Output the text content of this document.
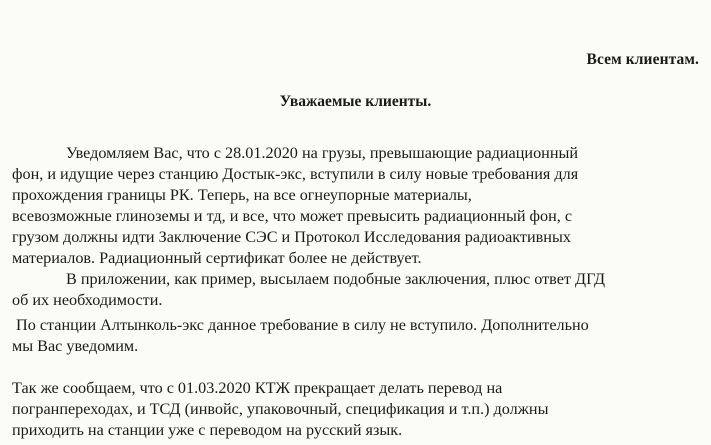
Всем клиентам.
Уважаемые клиенты.
Уведомляем Вас, что с 28.01.2020 на грузы, превышающие радиационный
фон, и идущие через станцию Достык-экс, вступили в силу новые требования для
прохождения границы РК. Теперь, на все огнеупорные материалы,
всевозможные глиноземы и тд, и все, что может превысить радиационный фон, с
грузом должны идти Заключение СЭС и Протокол Исследования радиоактивных
материалов. Радиационный сертификат более не действует.
В приложении, как пример, высылаем подобные заключения, плюс ответ ДГД
об их необходимости.
По станции Алтынколь-экс данное требование в силу не вступило. Дополнительно
мы Вас уведомим.
Так же сообщаем, что с 01.03.2020 КТЖ прекращает делать перевод на
погранпереходах, и ТСД (инвойс, упаковочный, спецификация и т.п.) должны
приходить на станции уже с переводом на русский язык.
